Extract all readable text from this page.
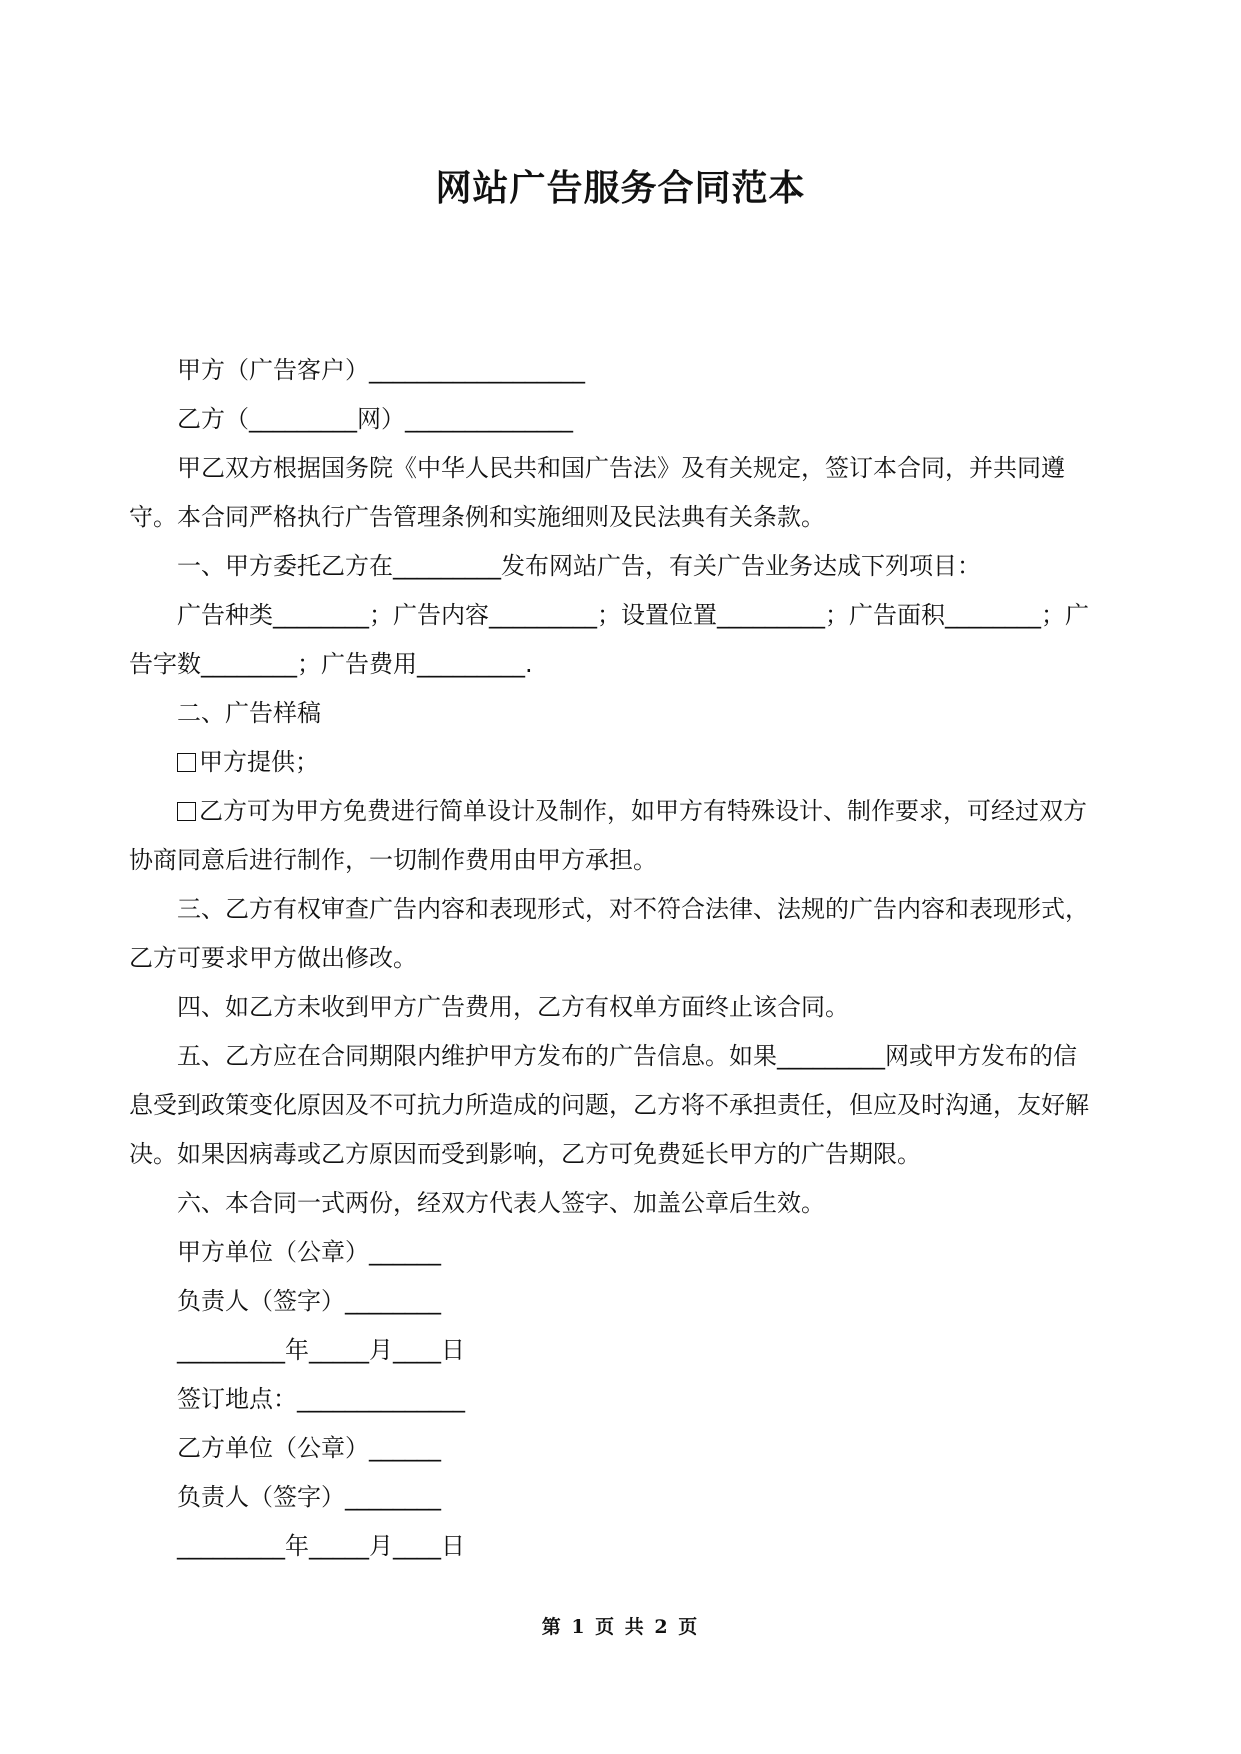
网站广告服务合同范本

甲方（广告客户）__________________

乙方（_________网）______________

甲乙双方根据国务院《中华人民共和国广告法》及有关规定，签订本合同，并共同遵守。本合同严格执行广告管理条例和实施细则及民法典有关条款。

一、甲方委托乙方在_________发布网站广告，有关广告业务达成下列项目：

广告种类________；广告内容_________；设置位置_________；广告面积________；广告字数________；广告费用_________.

二、广告样稿

甲方提供；

乙方可为甲方免费进行简单设计及制作，如甲方有特殊设计、制作要求，可经过双方协商同意后进行制作，一切制作费用由甲方承担。

三、乙方有权审查广告内容和表现形式，对不符合法律、法规的广告内容和表现形式，乙方可要求甲方做出修改。

四、如乙方未收到甲方广告费用，乙方有权单方面终止该合同。

五、乙方应在合同期限内维护甲方发布的广告信息。如果_________网或甲方发布的信息受到政策变化原因及不可抗力所造成的问题，乙方将不承担责任，但应及时沟通，友好解决。如果因病毒或乙方原因而受到影响，乙方可免费延长甲方的广告期限。

六、本合同一式两份，经双方代表人签字、加盖公章后生效。

甲方单位（公章）______

负责人（签字）________

_________年_____月____日

签订地点：______________

乙方单位（公章）______

负责人（签字）________

_________年_____月____日

第 1 页 共 2 页
